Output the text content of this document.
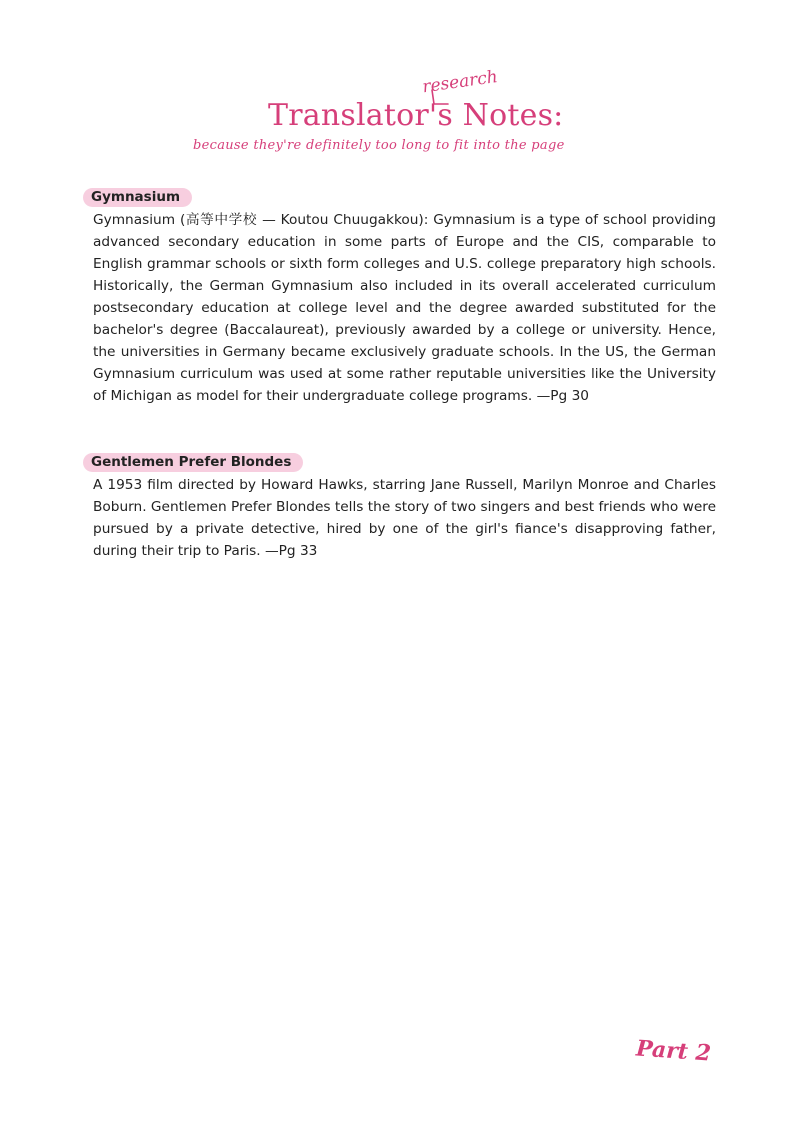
research
Translator's Notes:
because they're definitely too long to fit into the page
Gymnasium

Gymnasium (高等中学校 — Koutou Chuugakkou): Gymnasium is a type of school providing advanced secondary education in some parts of Europe and the CIS, comparable to English grammar schools or sixth form colleges and U.S. college preparatory high schools. Historically, the German Gymnasium also included in its overall accelerated curriculum postsecondary education at college level and the degree awarded substituted for the bachelor's degree (Baccalaureat), previously awarded by a college or university. Hence, the universities in Germany became exclusively graduate schools. In the US, the German Gymnasium curriculum was used at some rather reputable universities like the University of Michigan as model for their undergraduate college programs. —Pg 30

Gentlemen Prefer Blondes

A 1953 film directed by Howard Hawks, starring Jane Russell, Marilyn Monroe and Charles Boburn. Gentlemen Prefer Blondes tells the story of two singers and best friends who were pursued by a private detective, hired by one of the girl's fiance's disapproving father, during their trip to Paris. —Pg 33

Part 2
